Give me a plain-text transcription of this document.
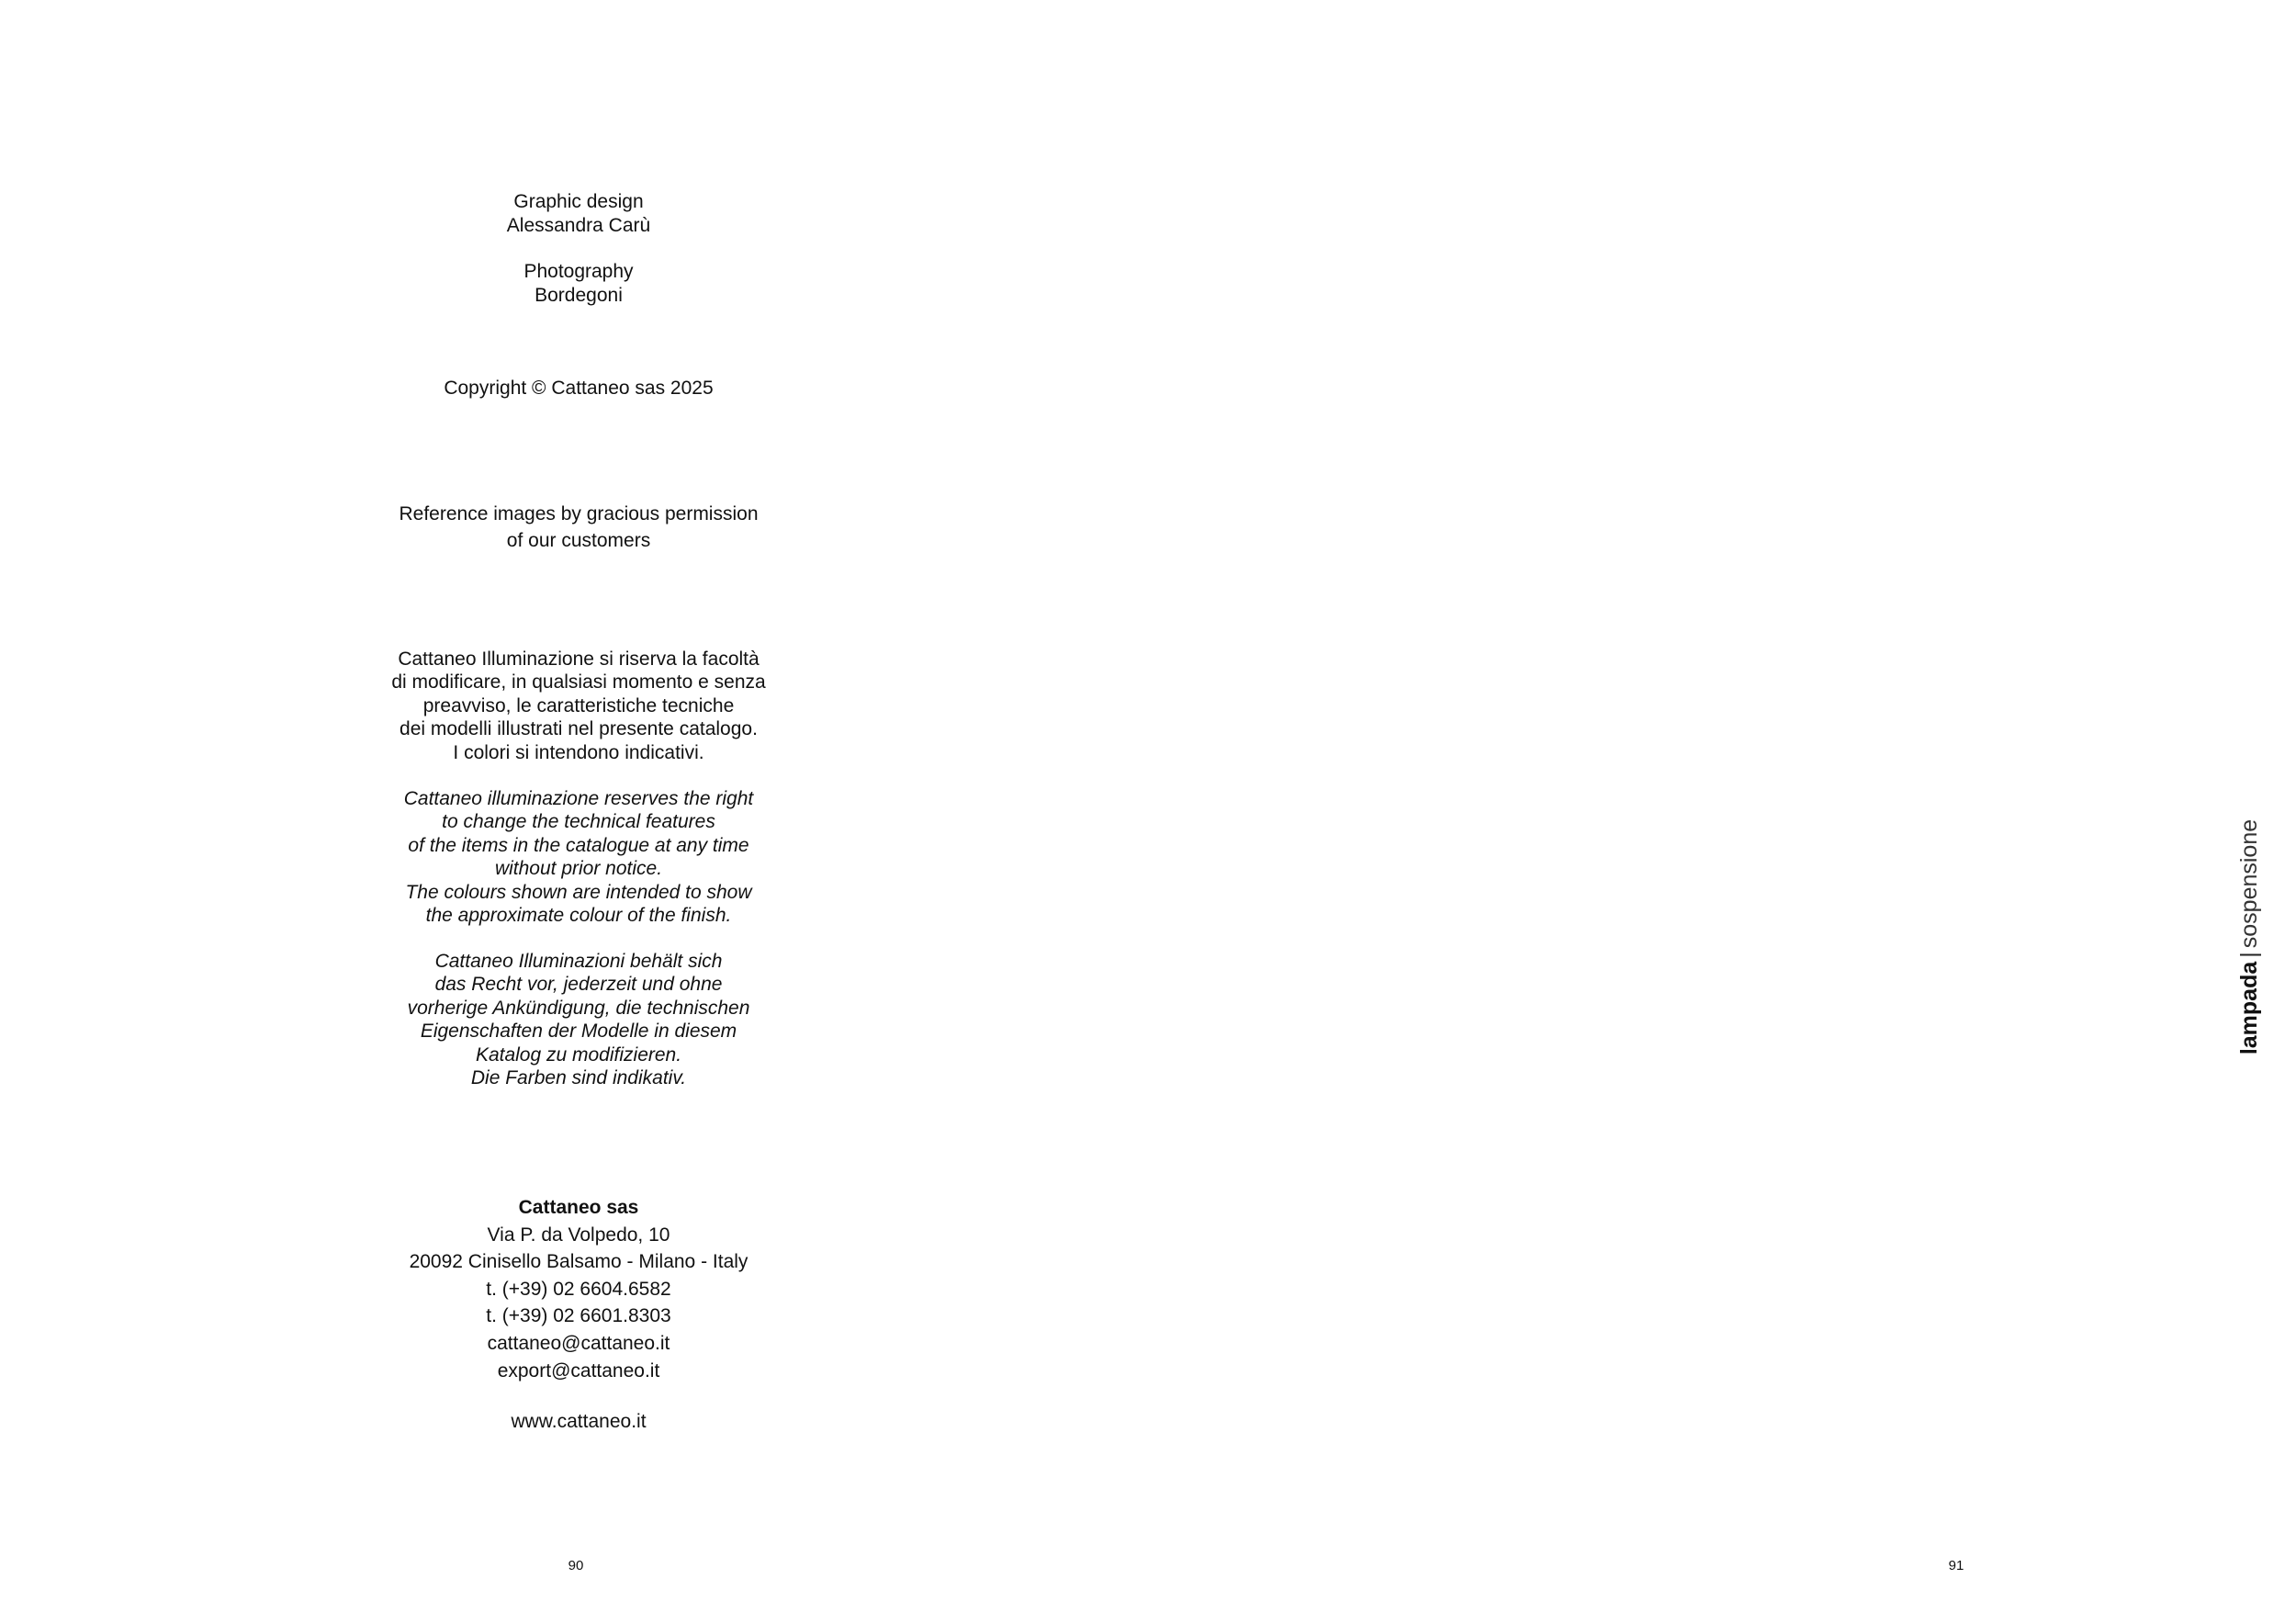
Graphic design
Alessandra Carù
Photography
Bordegoni
Copyright © Cattaneo sas 2025
Reference images by gracious permission
of our customers
Cattaneo Illuminazione si riserva la facoltà
di modificare, in qualsiasi momento e senza
preavviso, le caratteristiche tecniche
dei modelli illustrati nel presente catalogo.
I colori si intendono indicativi.
Cattaneo illuminazione reserves the right
to change the technical features
of the items in the catalogue at any time
without prior notice.
The colours shown are intended to show
the approximate colour of the finish.
Cattaneo Illuminazioni behält sich
das Recht vor, jederzeit und ohne
vorherige Ankündigung, die technischen
Eigenschaften der Modelle in diesem
Katalog zu modifizieren.
Die Farben sind indikativ.
Cattaneo sas
Via P. da Volpedo, 10
20092 Cinisello Balsamo - Milano - Italy
t. (+39) 02 6604.6582
t. (+39) 02 6601.8303
cattaneo@cattaneo.it
export@cattaneo.it
www.cattaneo.it
90	91
lampada|sospensione
